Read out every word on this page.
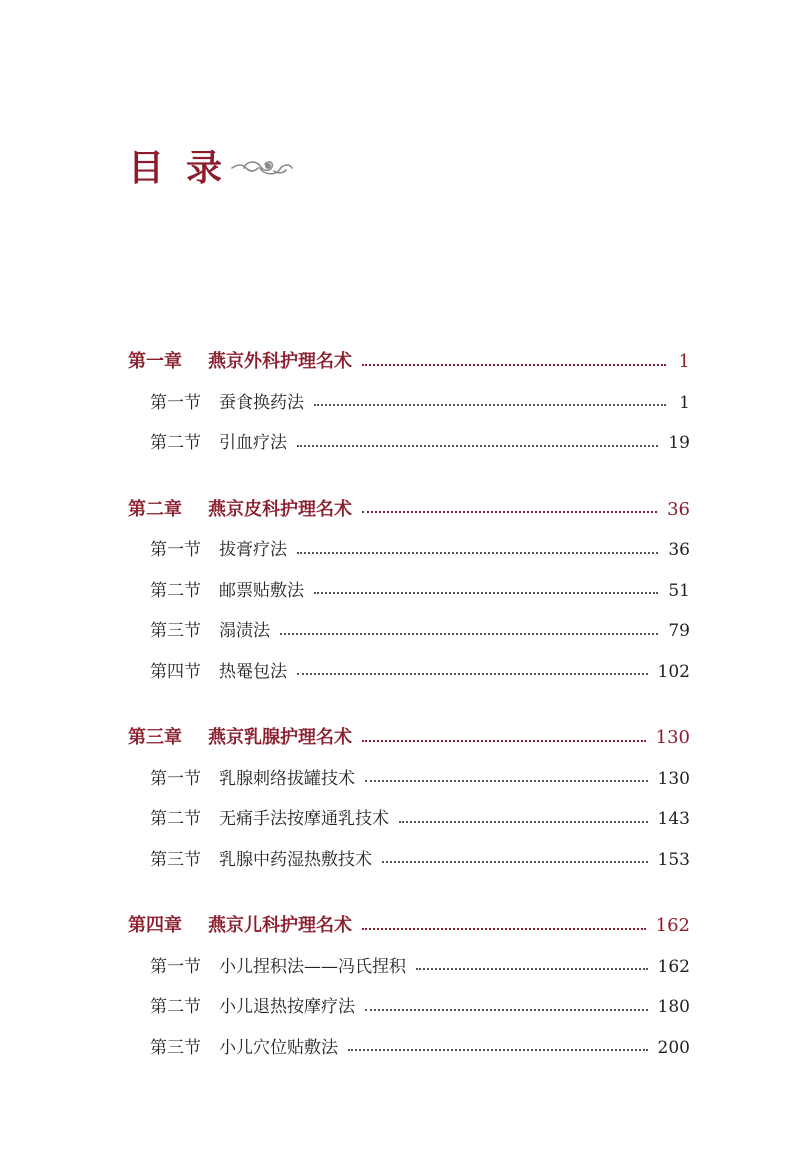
目 录
第一章 燕京外科护理名术	1
第一节 蚕食换药法	1
第二节 引血疗法	19
第二章 燕京皮科护理名术	36
第一节 拔膏疗法	36
第二节 邮票贴敷法	51
第三节 溻渍法	79
第四节 热罨包法	102
第三章 燕京乳腺护理名术	130
第一节 乳腺刺络拔罐技术	130
第二节 无痛手法按摩通乳技术	143
第三节 乳腺中药湿热敷技术	153
第四章 燕京儿科护理名术	162
第一节 小儿捏积法——冯氏捏积	162
第二节 小儿退热按摩疗法	180
第三节 小儿穴位贴敷法	200
